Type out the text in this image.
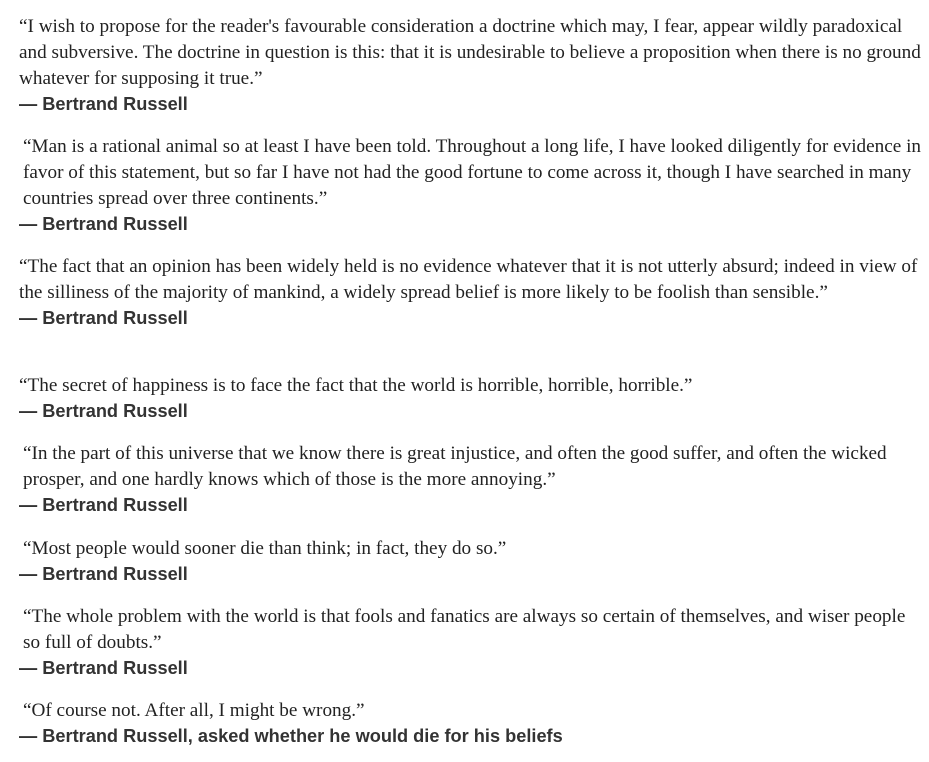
“I wish to propose for the reader's favourable consideration a doctrine which may, I fear, appear wildly paradoxical and subversive. The doctrine in question is this: that it is undesirable to believe a proposition when there is no ground whatever for supposing it true.”

― Bertrand Russell

“Man is a rational animal so at least I have been told. Throughout a long life, I have looked diligently for evidence in favor of this statement, but so far I have not had the good fortune to come across it, though I have searched in many countries spread over three continents.”

― Bertrand Russell

“The fact that an opinion has been widely held is no evidence whatever that it is not utterly absurd; indeed in view of the silliness of the majority of mankind, a widely spread belief is more likely to be foolish than sensible.”

― Bertrand Russell

“The secret of happiness is to face the fact that the world is horrible, horrible, horrible.”

― Bertrand Russell

“In the part of this universe that we know there is great injustice, and often the good suffer, and often the wicked prosper, and one hardly knows which of those is the more annoying.”

― Bertrand Russell

“Most people would sooner die than think; in fact, they do so.”

― Bertrand Russell

“The whole problem with the world is that fools and fanatics are always so certain of themselves, and wiser people so full of doubts.”

― Bertrand Russell

“Of course not. After all, I might be wrong.”

― Bertrand Russell, asked whether he would die for his beliefs
